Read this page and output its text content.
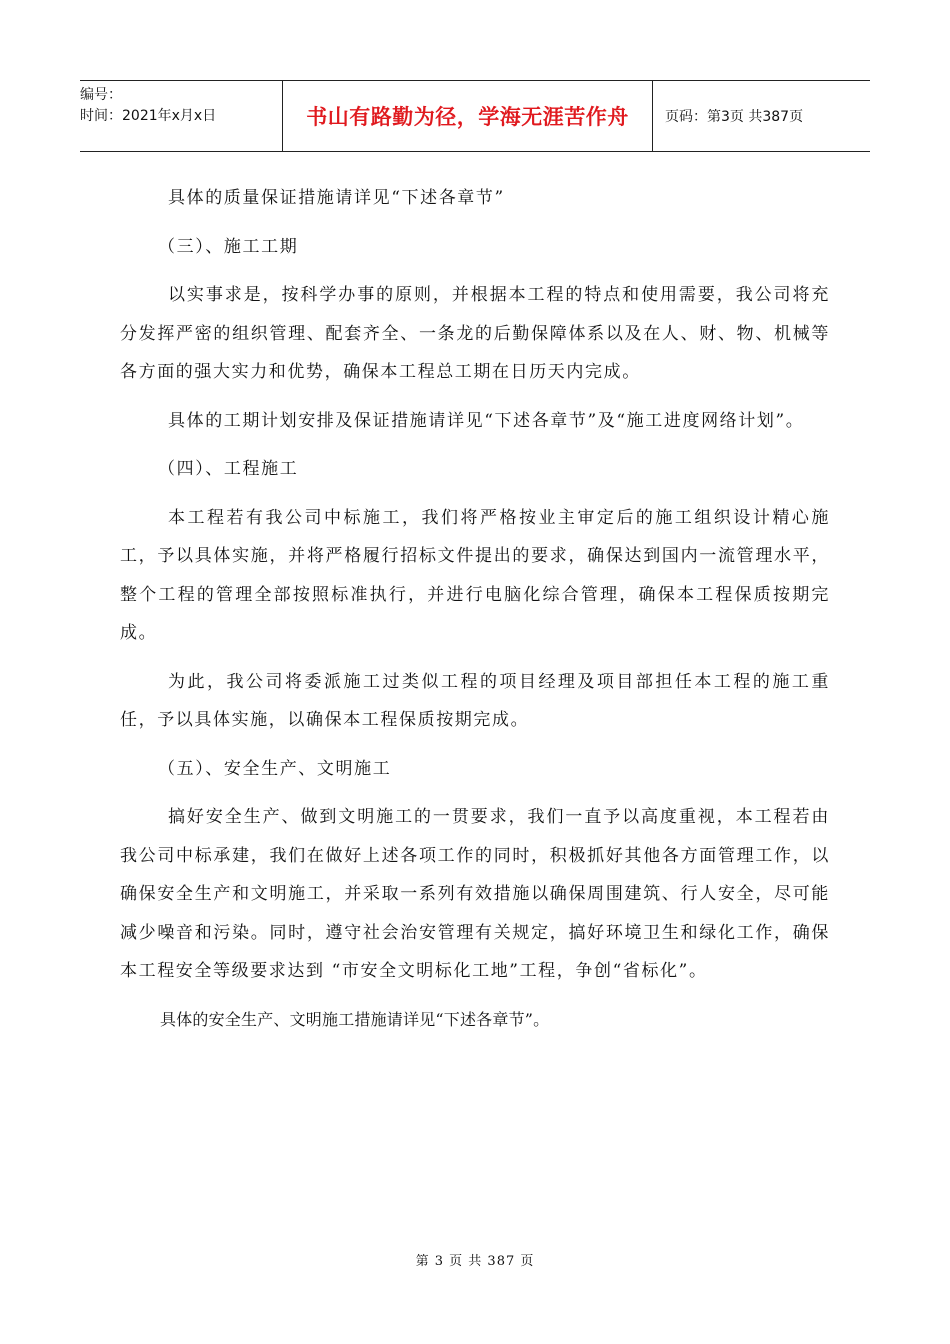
编号：
时间：2021年x月x日	书山有路勤为径，学海无涯苦作舟	页码：第3页 共387页

具体的质量保证措施请详见“下述各章节”

（三）、施工工期

以实事求是，按科学办事的原则，并根据本工程的特点和使用需要，我公司将充分发挥严密的组织管理、配套齐全、一条龙的后勤保障体系以及在人、财、物、机械等各方面的强大实力和优势，确保本工程总工期在日历天内完成。

具体的工期计划安排及保证措施请详见“下述各章节”及“施工进度网络计划”。

（四）、工程施工

本工程若有我公司中标施工，我们将严格按业主审定后的施工组织设计精心施工，予以具体实施，并将严格履行招标文件提出的要求，确保达到国内一流管理水平，整个工程的管理全部按照标准执行，并进行电脑化综合管理，确保本工程保质按期完成。

为此，我公司将委派施工过类似工程的项目经理及项目部担任本工程的施工重任，予以具体实施，以确保本工程保质按期完成。

（五）、安全生产、文明施工

搞好安全生产、做到文明施工的一贯要求，我们一直予以高度重视，本工程若由我公司中标承建，我们在做好上述各项工作的同时，积极抓好其他各方面管理工作，以确保安全生产和文明施工，并采取一系列有效措施以确保周围建筑、行人安全，尽可能减少噪音和污染。同时，遵守社会治安管理有关规定，搞好环境卫生和绿化工作，确保本工程安全等级要求达到 “市安全文明标化工地”工程，争创“省标化”。

具体的安全生产、文明施工措施请详见“下述各章节”。

第 3 页 共 387 页
